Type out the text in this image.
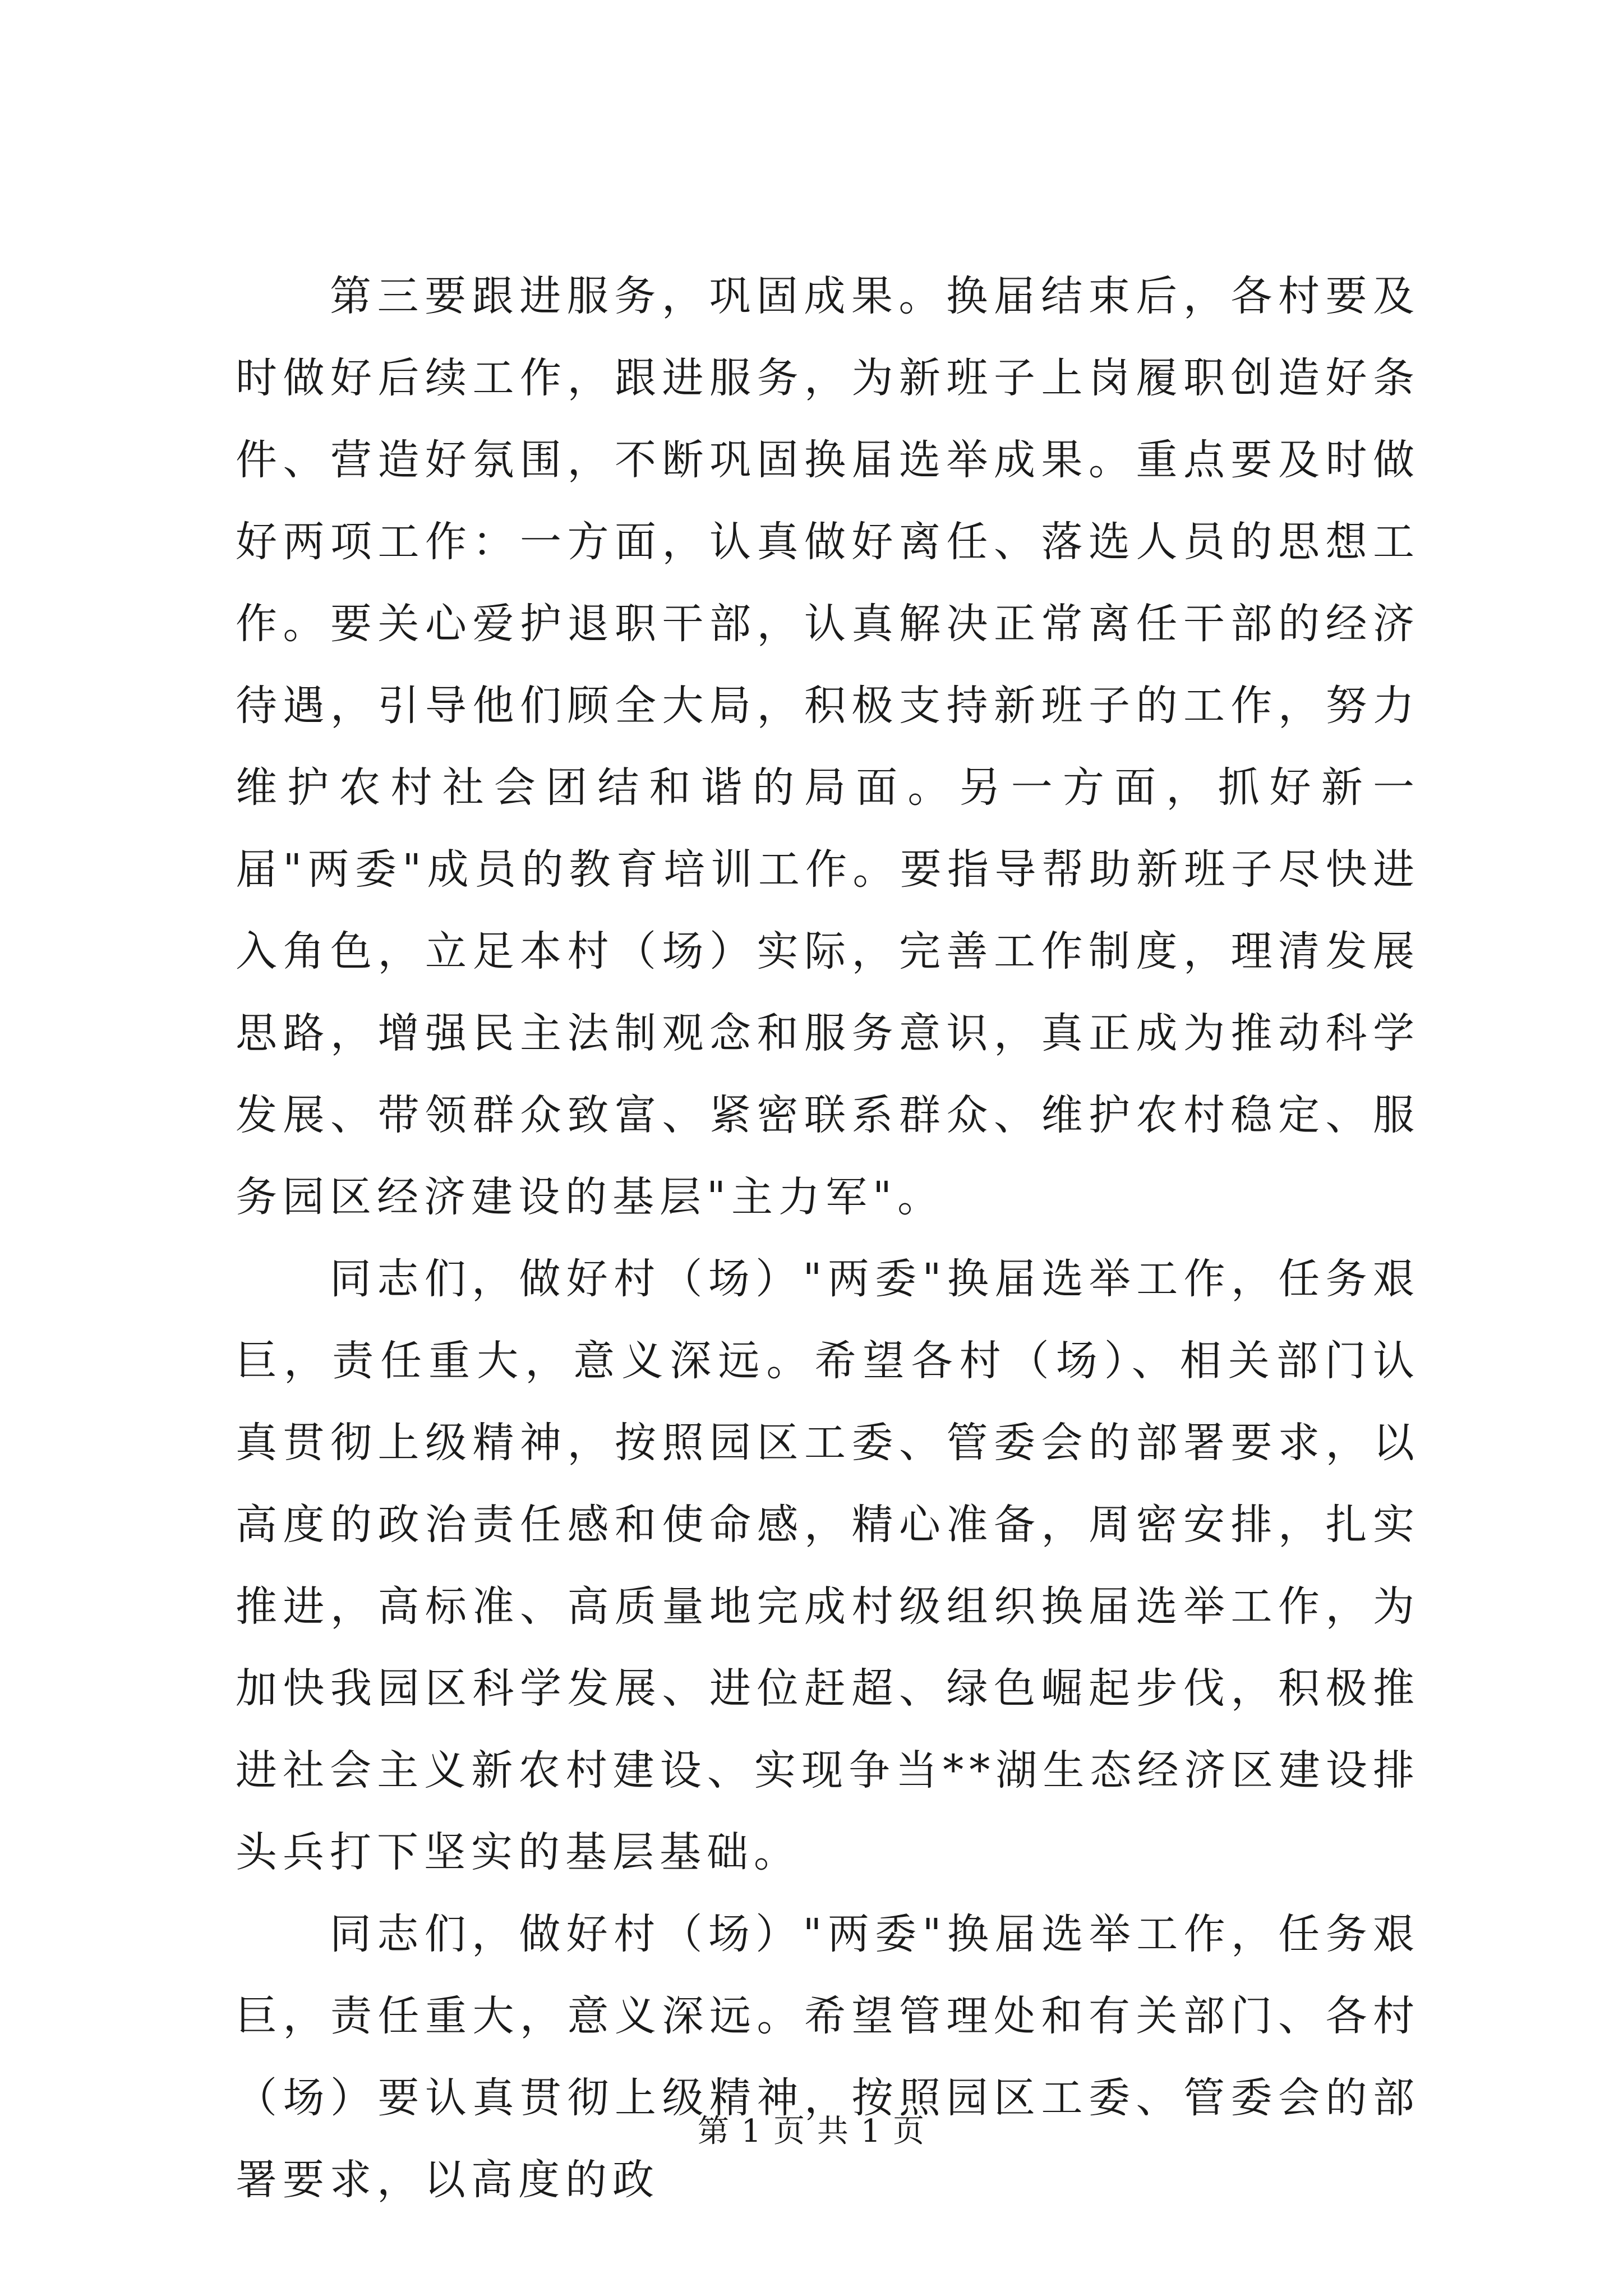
第三要跟进服务，巩固成果。换届结束后，各村要及时做好后续工作，跟进服务，为新班子上岗履职创造好条件、营造好氛围，不断巩固换届选举成果。重点要及时做好两项工作：一方面，认真做好离任、落选人员的思想工作。要关心爱护退职干部，认真解决正常离任干部的经济待遇，引导他们顾全大局，积极支持新班子的工作，努力维护农村社会团结和谐的局面。另一方面，抓好新一届"两委"成员的教育培训工作。要指导帮助新班子尽快进入角色，立足本村（场）实际，完善工作制度，理清发展思路，增强民主法制观念和服务意识，真正成为推动科学发展、带领群众致富、紧密联系群众、维护农村稳定、服务园区经济建设的基层"主力军"。

同志们，做好村（场）"两委"换届选举工作，任务艰巨，责任重大，意义深远。希望各村（场）、相关部门认真贯彻上级精神，按照园区工委、管委会的部署要求，以高度的政治责任感和使命感，精心准备，周密安排，扎实推进，高标准、高质量地完成村级组织换届选举工作，为加快我园区科学发展、进位赶超、绿色崛起步伐，积极推进社会主义新农村建设、实现争当**湖生态经济区建设排头兵打下坚实的基层基础。

同志们，做好村（场）"两委"换届选举工作，任务艰巨，责任重大，意义深远。希望管理处和有关部门、各村（场）要认真贯彻上级精神，按照园区工委、管委会的部署要求，以高度的政

第 1 页 共 1 页
